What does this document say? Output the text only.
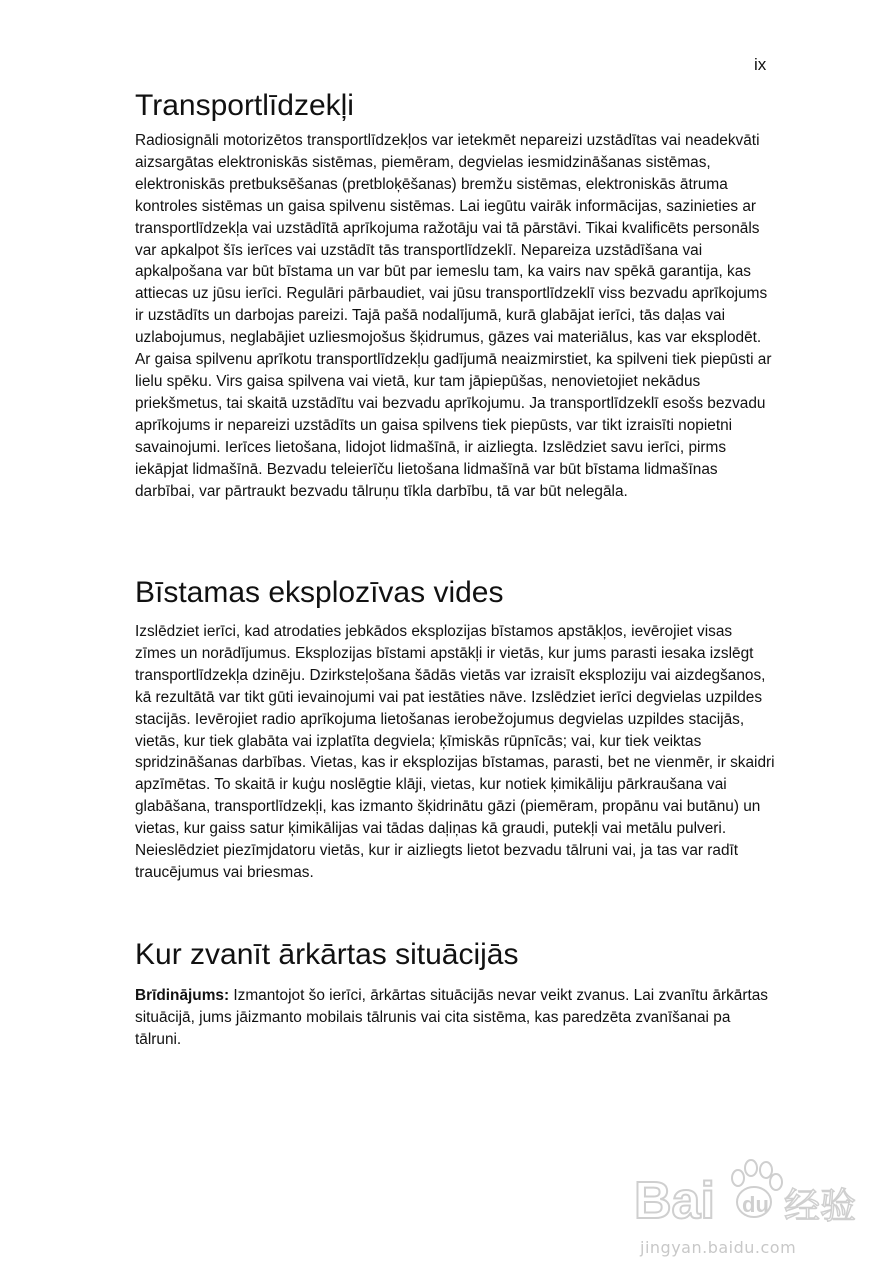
ix
Transportlīdzekļi

Radiosignāli motorizētos transportlīdzekļos var ietekmēt nepareizi uzstādītas vai neadekvāti aizsargātas elektroniskās sistēmas, piemēram, degvielas iesmidzināšanas sistēmas, elektroniskās pretbuksēšanas (pretbloķēšanas) bremžu sistēmas, elektroniskās ātruma kontroles sistēmas un gaisa spilvenu sistēmas. Lai iegūtu vairāk informācijas, sazinieties ar transportlīdzekļa vai uzstādītā aprīkojuma ražotāju vai tā pārstāvi. Tikai kvalificēts personāls var apkalpot šīs ierīces vai uzstādīt tās transportlīdzeklī. Nepareiza uzstādīšana vai apkalpošana var būt bīstama un var būt par iemeslu tam, ka vairs nav spēkā garantija, kas attiecas uz jūsu ierīci. Regulāri pārbaudiet, vai jūsu transportlīdzeklī viss bezvadu aprīkojums ir uzstādīts un darbojas pareizi. Tajā pašā nodalījumā, kurā glabājat ierīci, tās daļas vai uzlabojumus, neglabājiet uzliesmojošus šķidrumus, gāzes vai materiālus, kas var eksplodēt. Ar gaisa spilvenu aprīkotu transportlīdzekļu gadījumā neaizmirstiet, ka spilveni tiek piepūsti ar lielu spēku. Virs gaisa spilvena vai vietā, kur tam jāpiepūšas, nenovietojiet nekādus priekšmetus, tai skaitā uzstādītu vai bezvadu aprīkojumu. Ja transportlīdzeklī esošs bezvadu aprīkojums ir nepareizi uzstādīts un gaisa spilvens tiek piepūsts, var tikt izraisīti nopietni savainojumi. Ierīces lietošana, lidojot lidmašīnā, ir aizliegta. Izslēdziet savu ierīci, pirms iekāpjat lidmašīnā. Bezvadu teleierīču lietošana lidmašīnā var būt bīstama lidmašīnas darbībai, var pārtraukt bezvadu tālruņu tīkla darbību, tā var būt nelegāla.

Bīstamas eksplozīvas vides

Izslēdziet ierīci, kad atrodaties jebkādos eksplozijas bīstamos apstākļos, ievērojiet visas zīmes un norādījumus. Eksplozijas bīstami apstākļi ir vietās, kur jums parasti iesaka izslēgt transportlīdzekļa dzinēju. Dzirksteļošana šādās vietās var izraisīt eksploziju vai aizdegšanos, kā rezultātā var tikt gūti ievainojumi vai pat iestāties nāve. Izslēdziet ierīci degvielas uzpildes stacijās. Ievērojiet radio aprīkojuma lietošanas ierobežojumus degvielas uzpildes stacijās, vietās, kur tiek glabāta vai izplatīta degviela; ķīmiskās rūpnīcās; vai, kur tiek veiktas spridzināšanas darbības. Vietas, kas ir eksplozijas bīstamas, parasti, bet ne vienmēr, ir skaidri apzīmētas. To skaitā ir kuģu noslēgtie klāji, vietas, kur notiek ķimikāliju pārkraušana vai glabāšana, transportlīdzekļi, kas izmanto šķidrinātu gāzi (piemēram, propānu vai butānu) un vietas, kur gaiss satur ķimikālijas vai tādas daļiņas kā graudi, putekļi vai metālu pulveri. Neieslēdziet piezīmjdatoru vietās, kur ir aizliegts lietot bezvadu tālruni vai, ja tas var radīt traucējumus vai briesmas.

Kur zvanīt ārkārtas situācijās

Brīdinājums: Izmantojot šo ierīci, ārkārtas situācijās nevar veikt zvanus. Lai zvanītu ārkārtas situācijā, jums jāizmanto mobilais tālrunis vai cita sistēma, kas paredzēta zvanīšanai pa tālruni.

Bai du 经验
jingyan.baidu.com
